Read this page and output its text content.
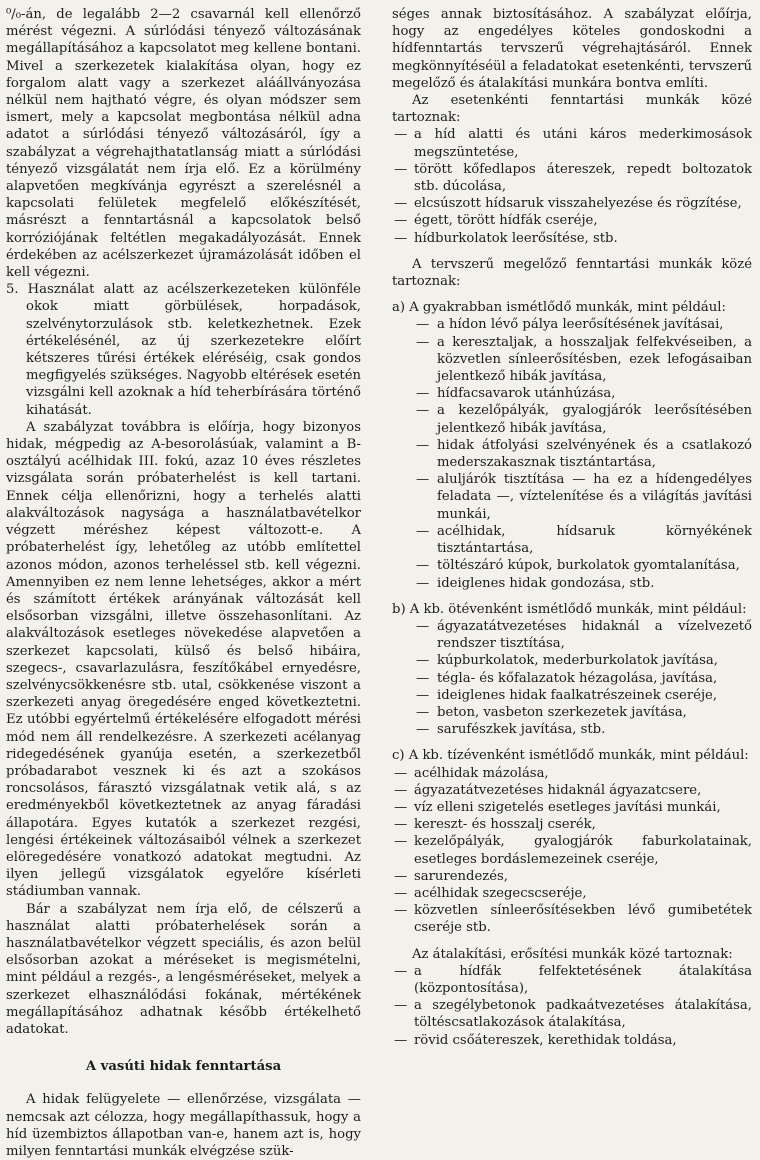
⁰/₀-án, de legalább 2—2 csavarnál kell ellenőrző mérést végezni. A súrlódási tényező változásának megállapításához a kapcsolatot meg kellene bontani. Mivel a szerkezetek kialakítása olyan, hogy ez forgalom alatt vagy a szerkezet aláállványozása nélkül nem hajtható végre, és olyan módszer sem ismert, mely a kapcsolat megbontása nélkül adna adatot a súrlódási tényező változásáról, így a szabályzat a végrehajthatatlanság miatt a súrlódási tényező vizsgálatát nem írja elő. Ez a körülmény alapvetően megkívánja egyrészt a szerelésnél a kapcsolati felületek megfelelő előkészítését, másrészt a fenntartásnál a kapcsolatok belső korróziójának feltétlen megakadályozását. Ennek érdekében az acélszerkezet újramázolását időben el kell végezni.

5. Használat alatt az acélszerkezeteken különféle okok miatt görbülések, horpadások, szelvénytorzulások stb. keletkezhetnek. Ezek értékelésénél, az új szerkezetekre előírt kétszeres tűrési értékek eléréséig, csak gondos megfigyelés szükséges. Nagyobb eltérések esetén vizsgálni kell azoknak a híd teherbírására történő kihatását.

A szabályzat továbbra is előírja, hogy bizonyos hidak, mégpedig az A-besorolásúak, valamint a B-osztályú acélhidak III. fokú, azaz 10 éves részletes vizsgálata során próbaterhelést is kell tartani. Ennek célja ellenőrizni, hogy a terhelés alatti alakváltozások nagysága a használatbavételkor végzett méréshez képest változott-e. A próbaterhelést így, lehetőleg az utóbb említettel azonos módon, azonos terheléssel stb. kell végezni. Amennyiben ez nem lenne lehetséges, akkor a mért és számított értékek arányának változását kell elsősorban vizsgálni, illetve összehasonlítani. Az alakváltozások esetleges növekedése alapvetően a szerkezet kapcsolati, külső és belső hibáira, szegecs-, csavarlazulásra, feszítőkábel ernyedésre, szelvénycsökkenésre stb. utal, csökkenése viszont a szerkezeti anyag öregedésére enged következtetni. Ez utóbbi egyértelmű értékelésére elfogadott mérési mód nem áll rendelkezésre. A szerkezeti acélanyag ridegedésének gyanúja esetén, a szerkezetből próbadarabot vesznek ki és azt a szokásos roncsolásos, fárasztó vizsgálatnak vetik alá, s az eredményekből következtetnek az anyag fáradási állapotára. Egyes kutatók a szerkezet rezgési, lengési értékeinek változásaiból vélnek a szerkezet elöregedésére vonatkozó adatokat megtudni. Az ilyen jellegű vizsgálatok egyelőre kísérleti stádiumban vannak.

Bár a szabályzat nem írja elő, de célszerű a használat alatti próbaterhelések során a használatbavételkor végzett speciális, és azon belül elsősorban azokat a méréseket is megismételni, mint például a rezgés-, a lengésméréseket, melyek a szerkezet elhasználódási fokának, mértékének megállapításához adhatnak később értékelhető adatokat.

A vasúti hidak fenntartása

A hidak felügyelete — ellenőrzése, vizsgálata — nemcsak azt célozza, hogy megállapíthassuk, hogy a híd üzembiztos állapotban van-e, hanem azt is, hogy milyen fenntartási munkák elvégzése szük-

séges annak biztosításához. A szabályzat előírja, hogy az engedélyes köteles gondoskodni a hídfenntartás tervszerű végrehajtásáról. Ennek megkönnyítéséül a feladatokat esetenkénti, tervszerű megelőző és átalakítási munkára bontva említi.

Az esetenkénti fenntartási munkák közé tartoznak:

— a híd alatti és utáni káros mederkimosások megszüntetése,
— törött kőfedlapos átereszek, repedt boltozatok stb. dúcolása,
— elcsúszott hídsaruk visszahelyezése és rögzítése,
— égett, törött hídfák cseréje,
— hídburkolatok leerősítése, stb.

A tervszerű megelőző fenntartási munkák közé tartoznak:

a) A gyakrabban ismétlődő munkák, mint például:

— a hídon lévő pálya leerősítésének javításai,
— a keresztaljak, a hosszaljak felfekvéseiben, a közvetlen sínleerősítésben, ezek lefogásaiban jelentkező hibák javítása,
— hídfacsavarok utánhúzása,
— a kezelőpályák, gyalogjárók leerősítésében jelentkező hibák javítása,
— hidak átfolyási szelvényének és a csatlakozó mederszakasznak tisztántartása,
— aluljárók tisztítása — ha ez a hídengedélyes feladata —, víztelenítése és a világítás javítási munkái,
— acélhidak, hídsaruk környékének tisztántartása,
— töltészáró kúpok, burkolatok gyomtalanítása,
— ideiglenes hidak gondozása, stb.

b) A kb. ötévenként ismétlődő munkák, mint például:

— ágyazatátvezetéses hidaknál a vízelvezető rendszer tisztítása,
— kúpburkolatok, mederburkolatok javítása,
— tégla- és kőfalazatok hézagolása, javítása,
— ideiglenes hidak faalkatrészeinek cseréje,
— beton, vasbeton szerkezetek javítása,
— sarufészkek javítása, stb.

c) A kb. tízévenként ismétlődő munkák, mint például:

— acélhidak mázolása,
— ágyazatátvezetéses hidaknál ágyazatcsere,
— víz elleni szigetelés esetleges javítási munkái,
— kereszt- és hosszalj cserék,
— kezelőpályák, gyalogjárók faburkolatainak, esetleges bordáslemezeinek cseréje,
— sarurendezés,
— acélhidak szegecscseréje,
— közvetlen sínleerősítésekben lévő gumibetétek cseréje stb.

Az átalakítási, erősítési munkák közé tartoznak:

— a hídfák felfektetésének átalakítása (központosítása),
— a szegélybetonok padkaátvezetéses átalakítása, töltéscsatlakozások átalakítása,
— rövid csőátereszek, kerethidak toldása,
